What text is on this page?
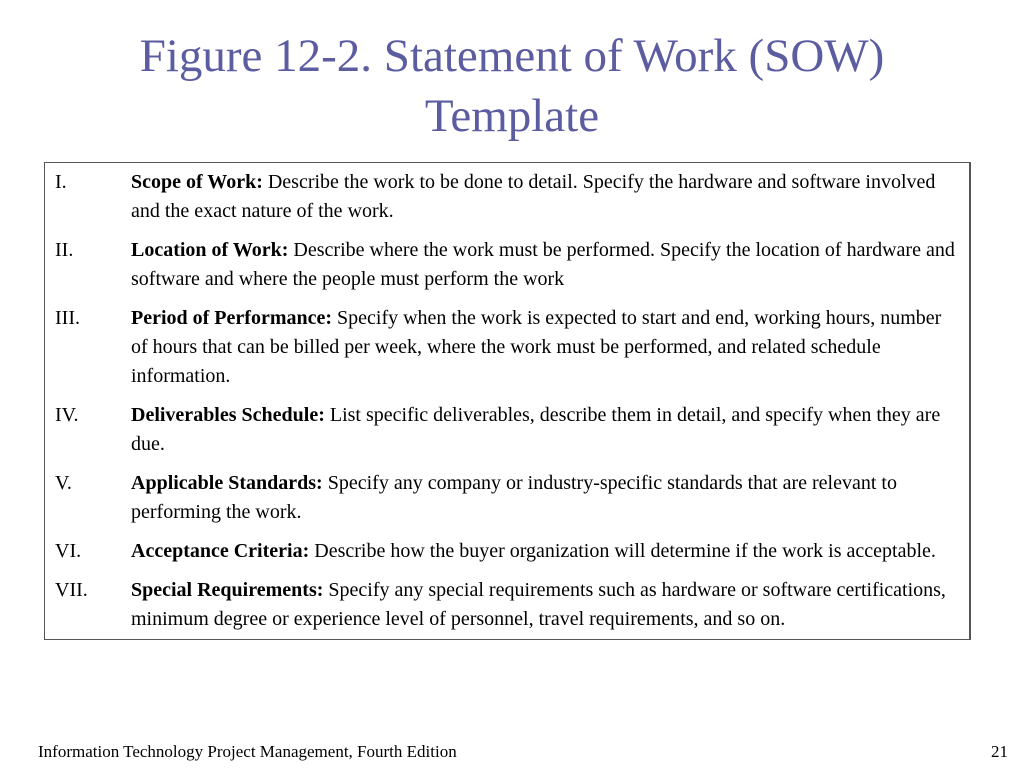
Figure 12-2. Statement of Work (SOW)
Template
I.	Scope of Work: Describe the work to be done to detail. Specify the hardware and software involved and the exact nature of the work.
II.	Location of Work: Describe where the work must be performed. Specify the location of hardware and software and where the people must perform the work
III.	Period of Performance: Specify when the work is expected to start and end, working hours, number of hours that can be billed per week, where the work must be performed, and related schedule information.
IV.	Deliverables Schedule: List specific deliverables, describe them in detail, and specify when they are due.
V.	Applicable Standards: Specify any company or industry-specific standards that are relevant to performing the work.
VI.	Acceptance Criteria: Describe how the buyer organization will determine if the work is acceptable.
VII.	Special Requirements: Specify any special requirements such as hardware or software certifications, minimum degree or experience level of personnel, travel requirements, and so on.
Information Technology Project Management, Fourth Edition	21
